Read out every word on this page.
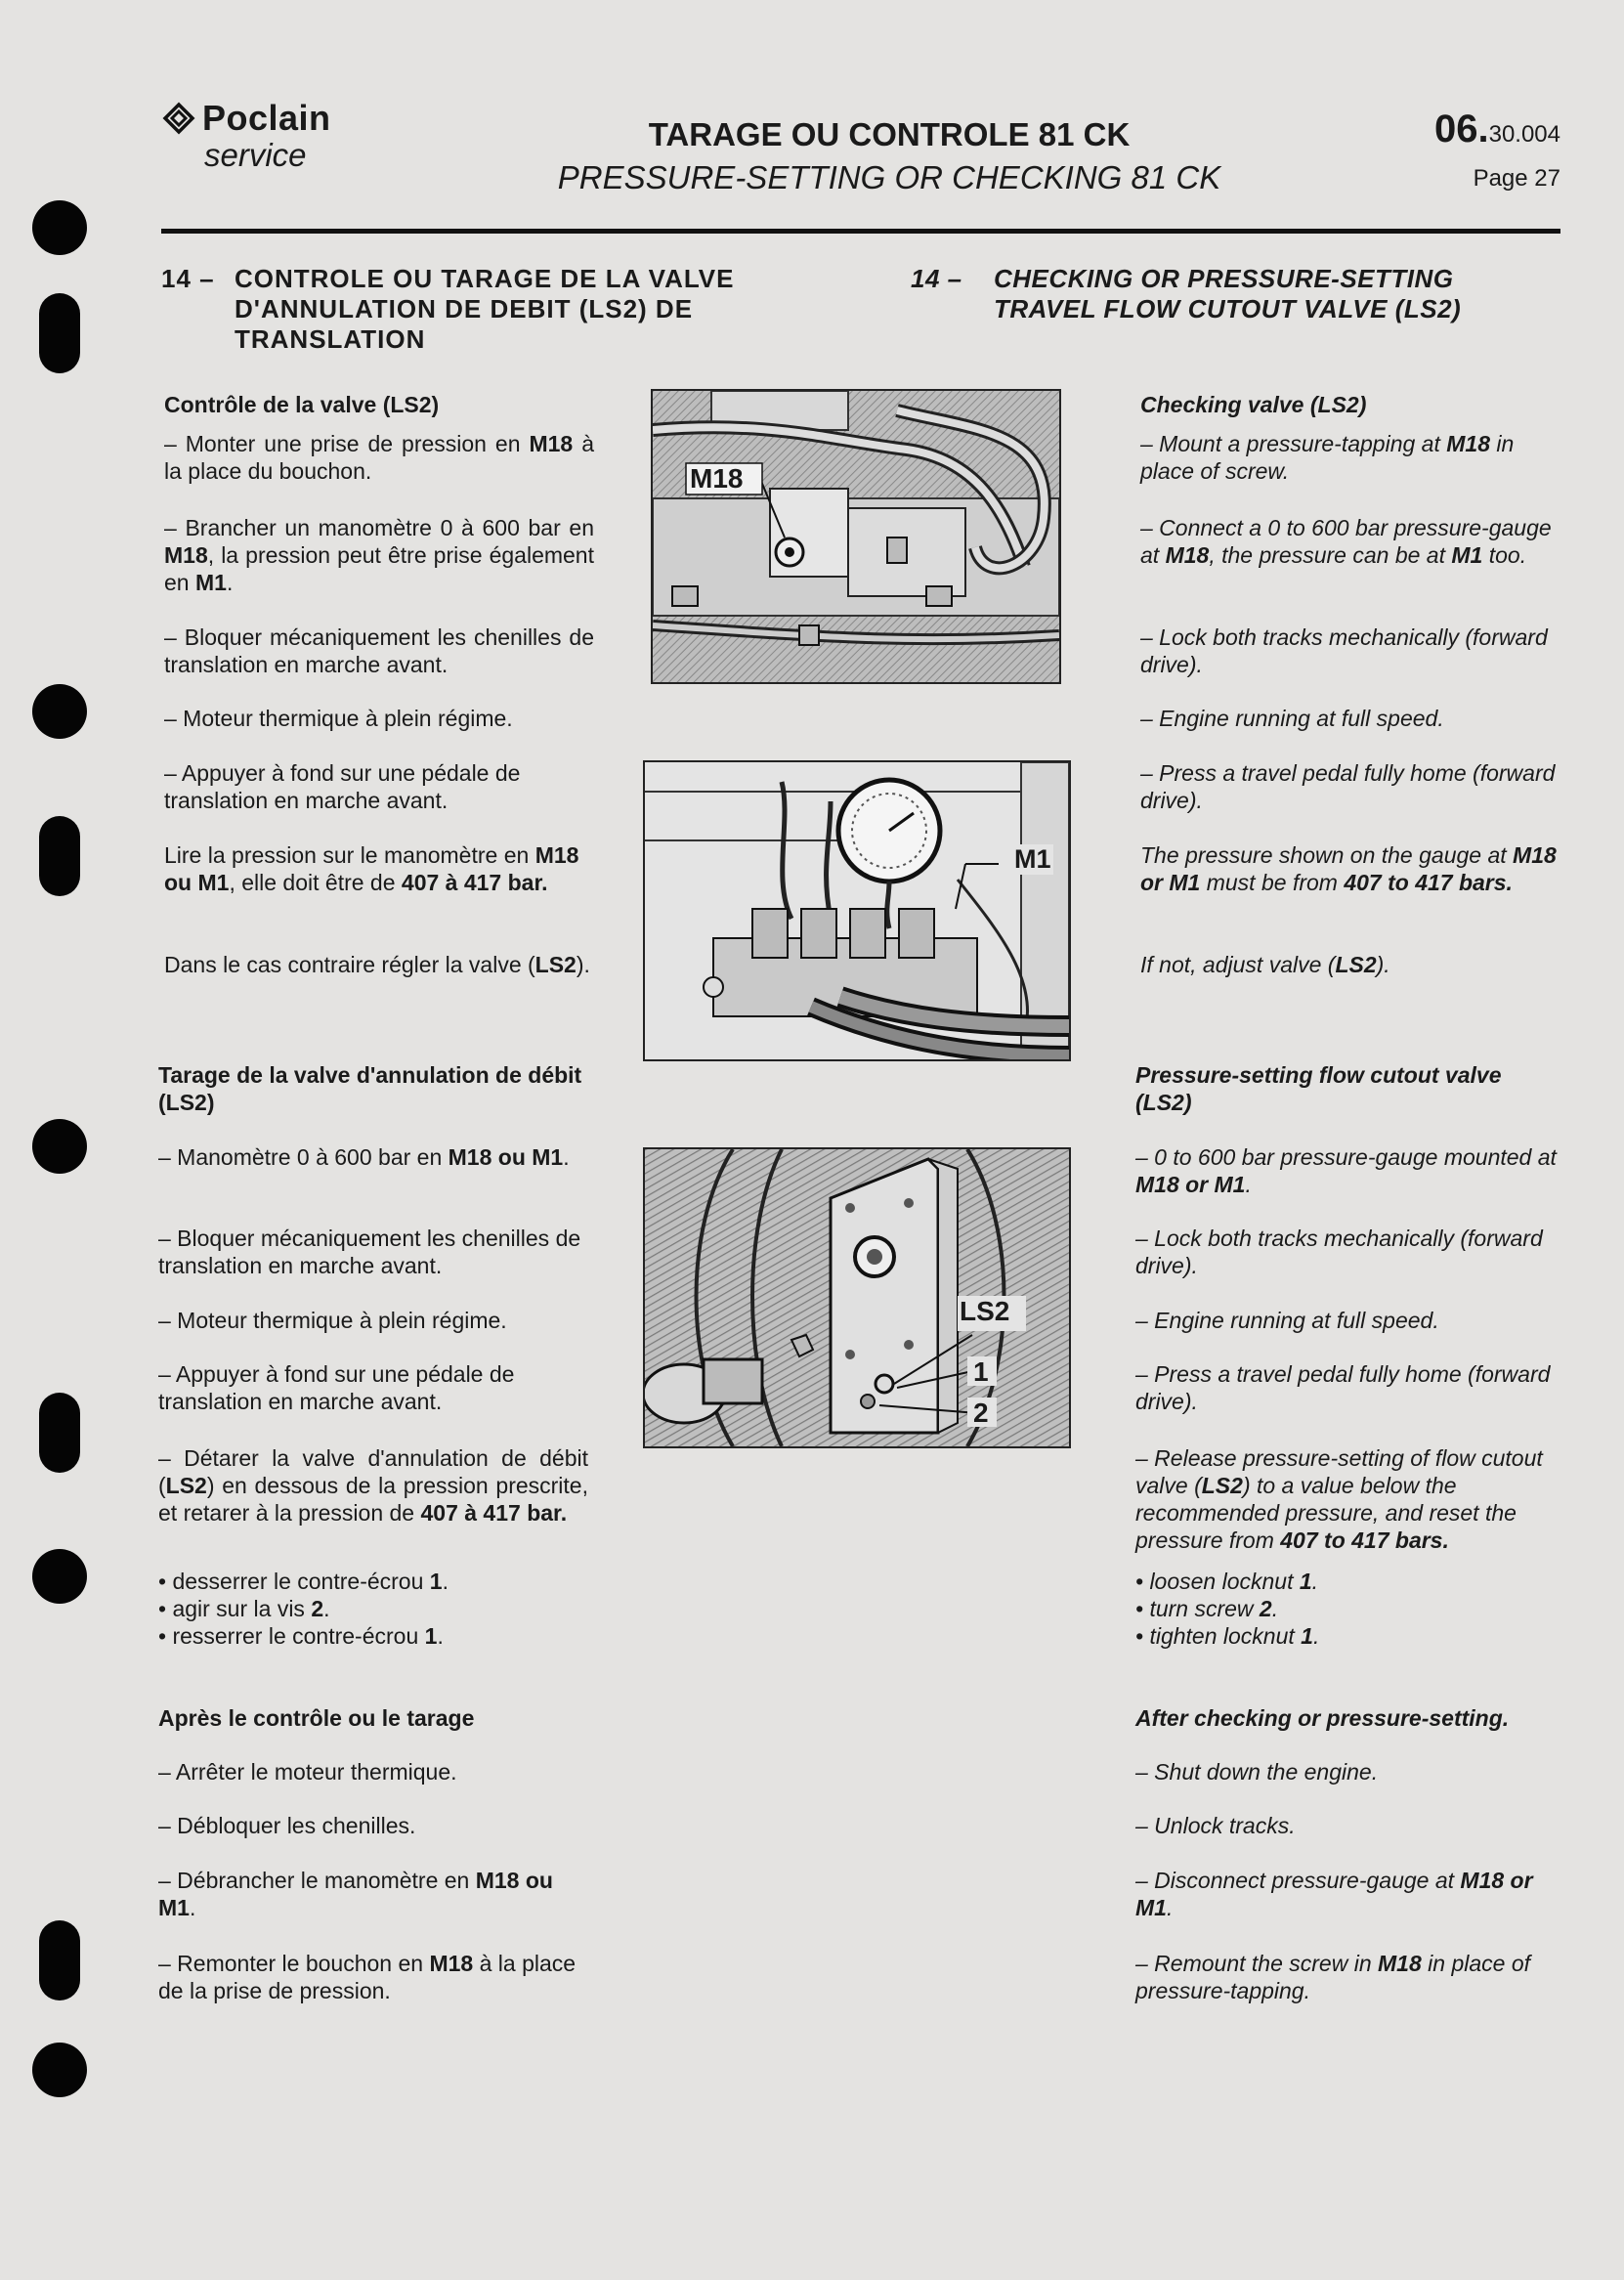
Poclain
service
TARAGE OU CONTROLE 81 CK
PRESSURE-SETTING OR CHECKING 81 CK
06.30.004
Page 27
14 – CONTROLE OU TARAGE DE LA VALVE D'ANNULATION DE DEBIT (LS2) DE TRANSLATION
14 – CHECKING OR PRESSURE-SETTING TRAVEL FLOW CUTOUT VALVE (LS2)
Contrôle de la valve (LS2)
– Monter une prise de pression en M18 à la place du bouchon.
– Brancher un manomètre 0 à 600 bar en M18, la pression peut être prise également en M1.
– Bloquer mécaniquement les chenilles de translation en marche avant.
– Moteur thermique à plein régime.
– Appuyer à fond sur une pédale de translation en marche avant.
Lire la pression sur le manomètre en M18 ou M1, elle doit être de 407 à 417 bar.
Dans le cas contraire régler la valve (LS2).
Tarage de la valve d'annulation de débit (LS2)
– Manomètre 0 à 600 bar en M18 ou M1.
– Bloquer mécaniquement les chenilles de translation en marche avant.
– Moteur thermique à plein régime.
– Appuyer à fond sur une pédale de translation en marche avant.
– Détarer la valve d'annulation de débit (LS2) en dessous de la pression prescrite, et retarer à la pression de 407 à 417 bar.
• desserrer le contre-écrou 1.
• agir sur la vis 2.
• resserrer le contre-écrou 1.
Après le contrôle ou le tarage
– Arrêter le moteur thermique.
– Débloquer les chenilles.
– Débrancher le manomètre en M18 ou M1.
– Remonter le bouchon en M18 à la place de la prise de pression.
Checking valve (LS2)
– Mount a pressure-tapping at M18 in place of screw.
– Connect a 0 to 600 bar pressure-gauge at M18, the pressure can be at M1 too.
– Lock both tracks mechanically (forward drive).
– Engine running at full speed.
– Press a travel pedal fully home (forward drive).
The pressure shown on the gauge at M18 or M1 must be from 407 to 417 bars.
If not, adjust valve (LS2).
Pressure-setting flow cutout valve (LS2)
– 0 to 600 bar pressure-gauge mounted at M18 or M1.
– Lock both tracks mechanically (forward drive).
– Engine running at full speed.
– Press a travel pedal fully home (forward drive).
– Release pressure-setting of flow cutout valve (LS2) to a value below the recommended pressure, and reset the pressure from 407 to 417 bars.
• loosen locknut 1.
• turn screw 2.
• tighten locknut 1.
After checking or pressure-setting.
– Shut down the engine.
– Unlock tracks.
– Disconnect pressure-gauge at M18 or M1.
– Remount the screw in M18 in place of pressure-tapping.
M18
M1
LS2
1
2
